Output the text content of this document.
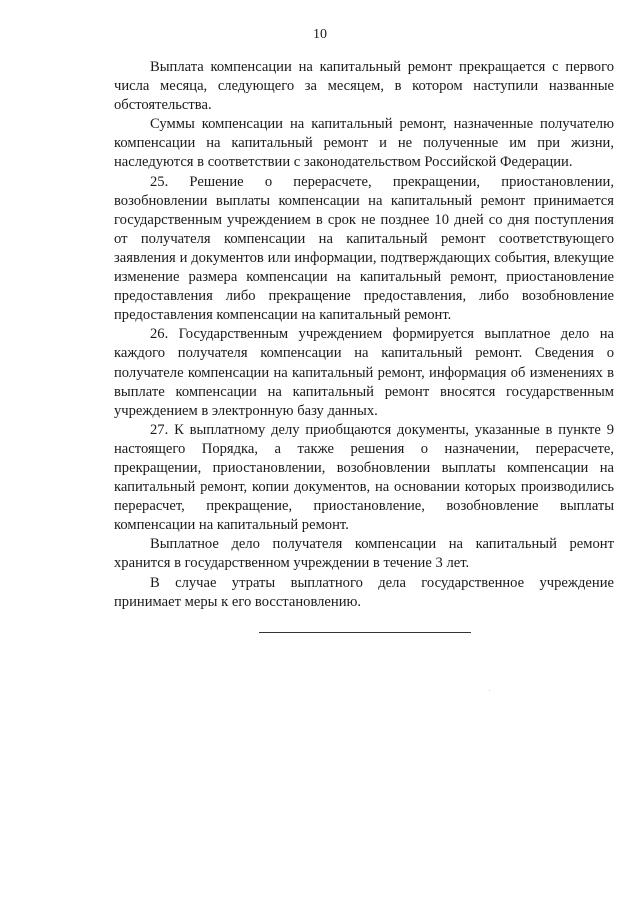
10

Выплата компенсации на капитальный ремонт прекращается с первого числа месяца, следующего за месяцем, в котором наступили названные обстоятельства.

Суммы компенсации на капитальный ремонт, назначенные получателю компенсации на капитальный ремонт и не полученные им при жизни, наследуются в соответствии с законодательством Российской Федерации.

25. Решение о перерасчете, прекращении, приостановлении, возобновлении выплаты компенсации на капитальный ремонт принимается государственным учреждением в срок не позднее 10 дней со дня поступления от получателя компенсации на капитальный ремонт соответствующего заявления и документов или информации, подтверждающих события, влекущие изменение размера компенсации на капитальный ремонт, приостановление предоставления либо прекращение предоставления, либо возобновление предоставления компенсации на капитальный ремонт.

26. Государственным учреждением формируется выплатное дело на каждого получателя компенсации на капитальный ремонт. Сведения о получателе компенсации на капитальный ремонт, информация об изменениях в выплате компенсации на капитальный ремонт вносятся государственным учреждением в электронную базу данных.

27. К выплатному делу приобщаются документы, указанные в пункте 9 настоящего Порядка, а также решения о назначении, перерасчете, прекращении, приостановлении, возобновлении выплаты компенсации на капитальный ремонт, копии документов, на основании которых производились перерасчет, прекращение, приостановление, возобновление выплаты компенсации на капитальный ремонт.

Выплатное дело получателя компенсации на капитальный ремонт хранится в государственном учреждении в течение 3 лет.

В случае утраты выплатного дела государственное учреждение принимает меры к его восстановлению.
